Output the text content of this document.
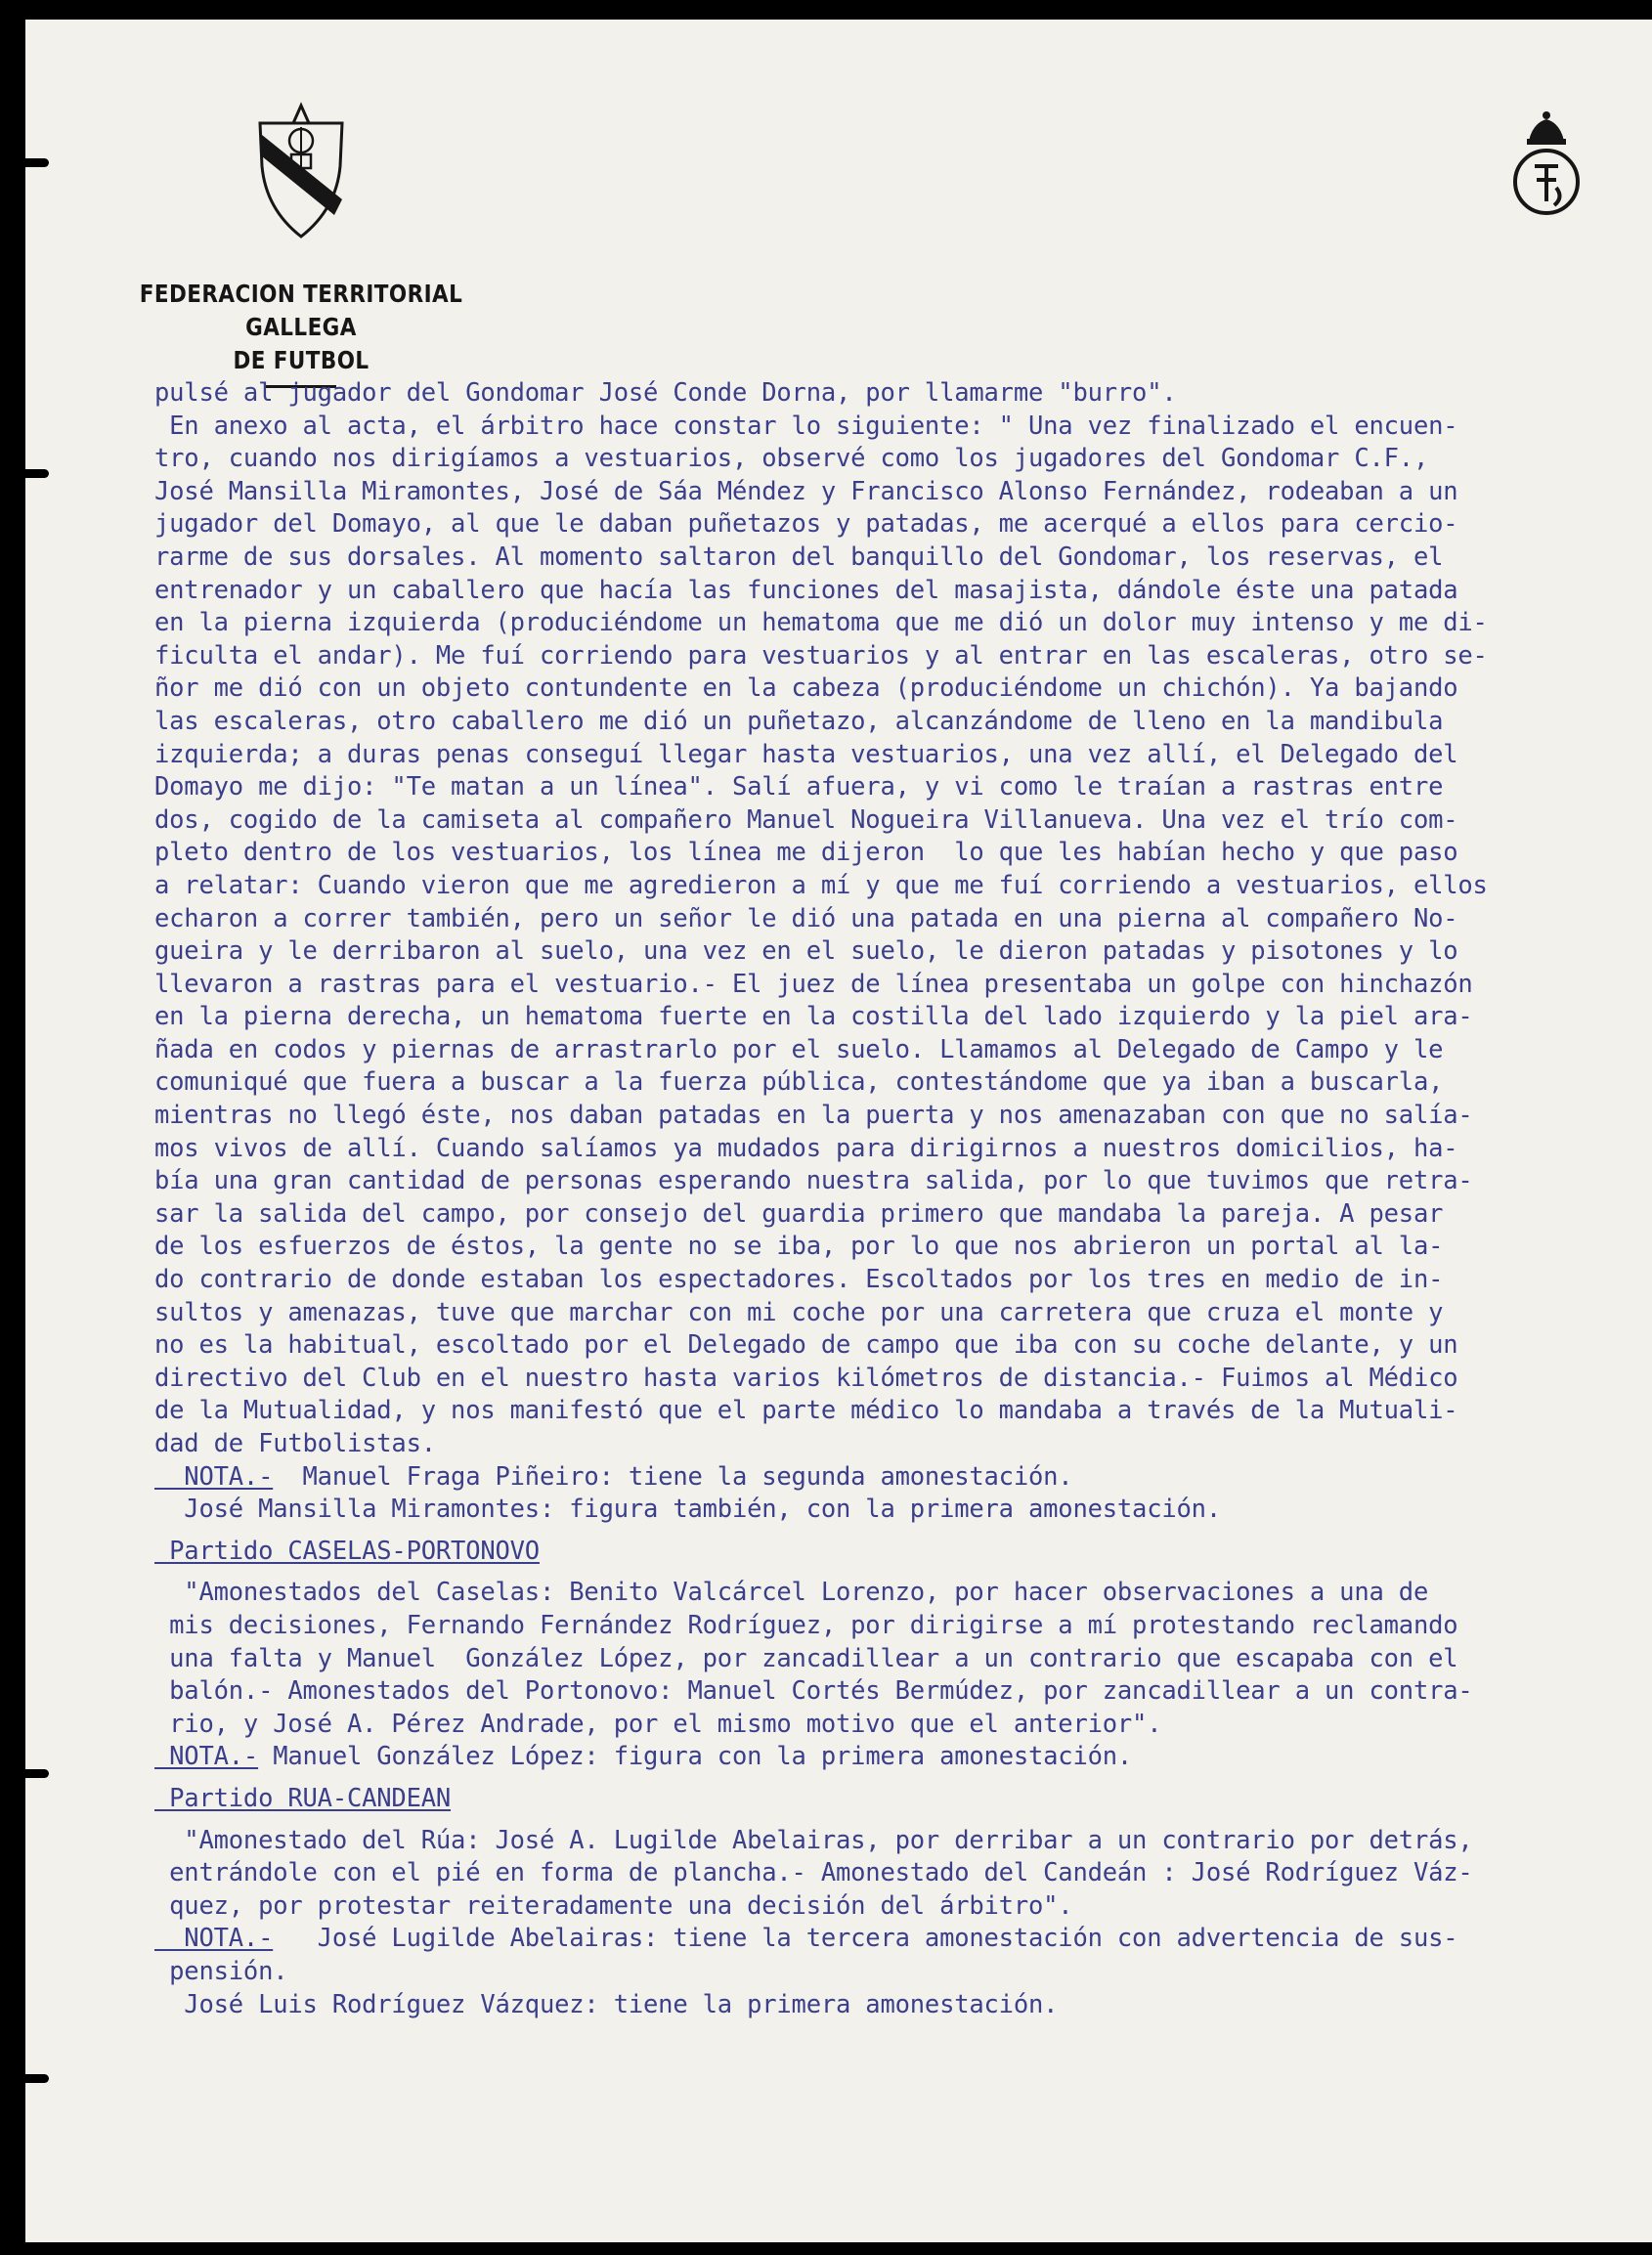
FEDERACION TERRITORIAL GALLEGA
DE FUTBOL
pulsé al jugador del Gondomar José Conde Dorna, por llamarme "burro".
En anexo al acta, el árbitro hace constar lo siguiente: " Una vez finalizado el encuen-
tro, cuando nos dirigíamos a vestuarios, observé como los jugadores del Gondomar C.F.,
José Mansilla Miramontes, José de Sáa Méndez y Francisco Alonso Fernández, rodeaban a un
jugador del Domayo, al que le daban puñetazos y patadas, me acerqué a ellos para cercio-
rarme de sus dorsales. Al momento saltaron del banquillo del Gondomar, los reservas, el
entrenador y un caballero que hacía las funciones del masajista, dándole éste una patada
en la pierna izquierda (produciéndome un hematoma que me dió un dolor muy intenso y me di-
ficulta el andar). Me fuí corriendo para vestuarios y al entrar en las escaleras, otro se-
ñor me dió con un objeto contundente en la cabeza (produciéndome un chichón). Ya bajando
las escaleras, otro caballero me dió un puñetazo, alcanzándome de lleno en la mandibula
izquierda; a duras penas conseguí llegar hasta vestuarios, una vez allí, el Delegado del
Domayo me dijo: "Te matan a un línea". Salí afuera, y vi como le traían a rastras entre
dos, cogido de la camiseta al compañero Manuel Nogueira Villanueva. Una vez el trío com-
pleto dentro de los vestuarios, los línea me dijeron  lo que les habían hecho y que paso
a relatar: Cuando vieron que me agredieron a mí y que me fuí corriendo a vestuarios, ellos
echaron a correr también, pero un señor le dió una patada en una pierna al compañero No-
gueira y le derribaron al suelo, una vez en el suelo, le dieron patadas y pisotones y lo
llevaron a rastras para el vestuario.- El juez de línea presentaba un golpe con hinchazón
en la pierna derecha, un hematoma fuerte en la costilla del lado izquierdo y la piel ara-
ñada en codos y piernas de arrastrarlo por el suelo. Llamamos al Delegado de Campo y le
comuniqué que fuera a buscar a la fuerza pública, contestándome que ya iban a buscarla,
mientras no llegó éste, nos daban patadas en la puerta y nos amenazaban con que no salía-
mos vivos de allí. Cuando salíamos ya mudados para dirigirnos a nuestros domicilios, ha-
bía una gran cantidad de personas esperando nuestra salida, por lo que tuvimos que retra-
sar la salida del campo, por consejo del guardia primero que mandaba la pareja. A pesar
de los esfuerzos de éstos, la gente no se iba, por lo que nos abrieron un portal al la-
do contrario de donde estaban los espectadores. Escoltados por los tres en medio de in-
sultos y amenazas, tuve que marchar con mi coche por una carretera que cruza el monte y
no es la habitual, escoltado por el Delegado de campo que iba con su coche delante, y un
directivo del Club en el nuestro hasta varios kilómetros de distancia.- Fuimos al Médico
de la Mutualidad, y nos manifestó que el parte médico lo mandaba a través de la Mutuali-
dad de Futbolistas.
NOTA.-  Manuel Fraga Piñeiro: tiene la segunda amonestación.
José Mansilla Miramontes: figura también, con la primera amonestación.
Partido CASELAS-PORTONOVO
"Amonestados del Caselas: Benito Valcárcel Lorenzo, por hacer observaciones a una de
mis decisiones, Fernando Fernández Rodríguez, por dirigirse a mí protestando reclamando
una falta y Manuel  González López, por zancadillear a un contrario que escapaba con el
balón.- Amonestados del Portonovo: Manuel Cortés Bermúdez, por zancadillear a un contra-
rio, y José A. Pérez Andrade, por el mismo motivo que el anterior".
NOTA.- Manuel González López: figura con la primera amonestación.
Partido RUA-CANDEAN
"Amonestado del Rúa: José A. Lugilde Abelairas, por derribar a un contrario por detrás,
entrándole con el pié en forma de plancha.- Amonestado del Candeán : José Rodríguez Váz-
quez, por protestar reiteradamente una decisión del árbitro".
NOTA.-   José Lugilde Abelairas: tiene la tercera amonestación con advertencia de sus-
pensión.
José Luis Rodríguez Vázquez: tiene la primera amonestación.
